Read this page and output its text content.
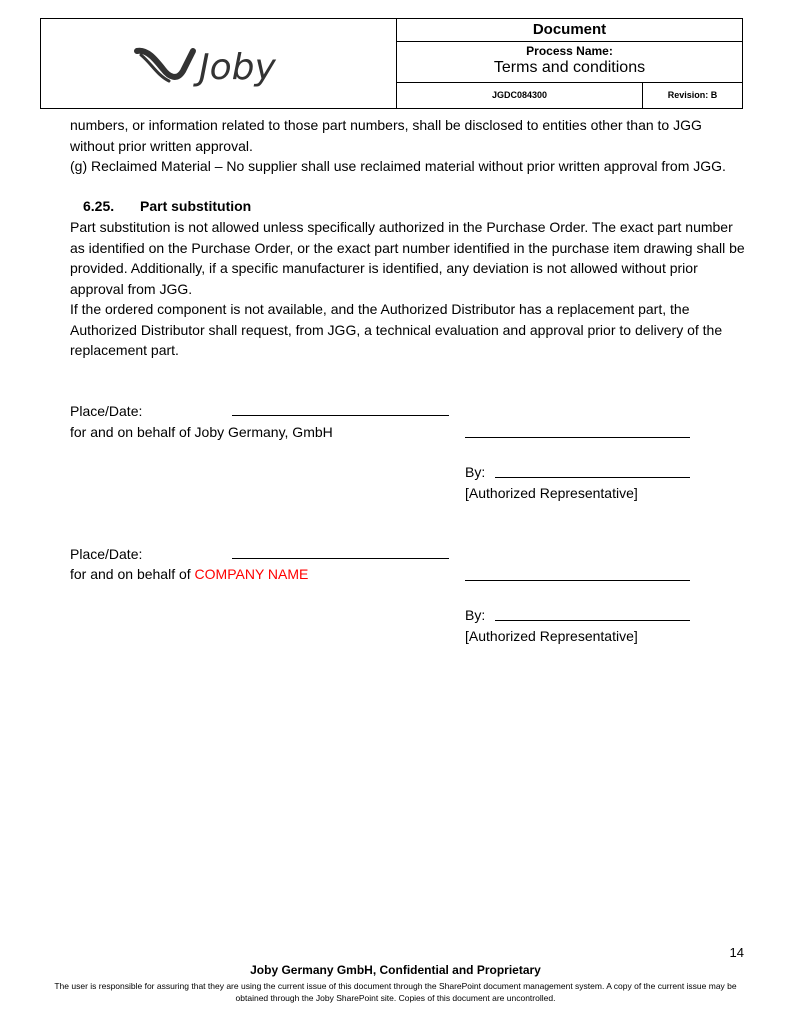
Joby
Document
Process Name:
Terms and conditions
JGDC084300	Revision: B

numbers, or information related to those part numbers, shall be disclosed to entities other than to JGG without prior written approval.

(g) Reclaimed Material – No supplier shall use reclaimed material without prior written approval from JGG.

6.25. Part substitution

Part substitution is not allowed unless specifically authorized in the Purchase Order. The exact part number as identified on the Purchase Order, or the exact part number identified in the purchase item drawing shall be provided. Additionally, if a specific manufacturer is identified, any deviation is not allowed without prior approval from JGG.

If the ordered component is not available, and the Authorized Distributor has a replacement part, the Authorized Distributor shall request, from JGG, a technical evaluation and approval prior to delivery of the replacement part.

Place/Date:
for and on behalf of Joby Germany, GmbH
By:
[Authorized Representative]
Place/Date:
for and on behalf of COMPANY NAME
By:
[Authorized Representative]
14
Joby Germany GmbH, Confidential and Proprietary

The user is responsible for assuring that they are using the current issue of this document through the SharePoint document management system. A copy of the current issue may be obtained through the Joby SharePoint site. Copies of this document are uncontrolled.
